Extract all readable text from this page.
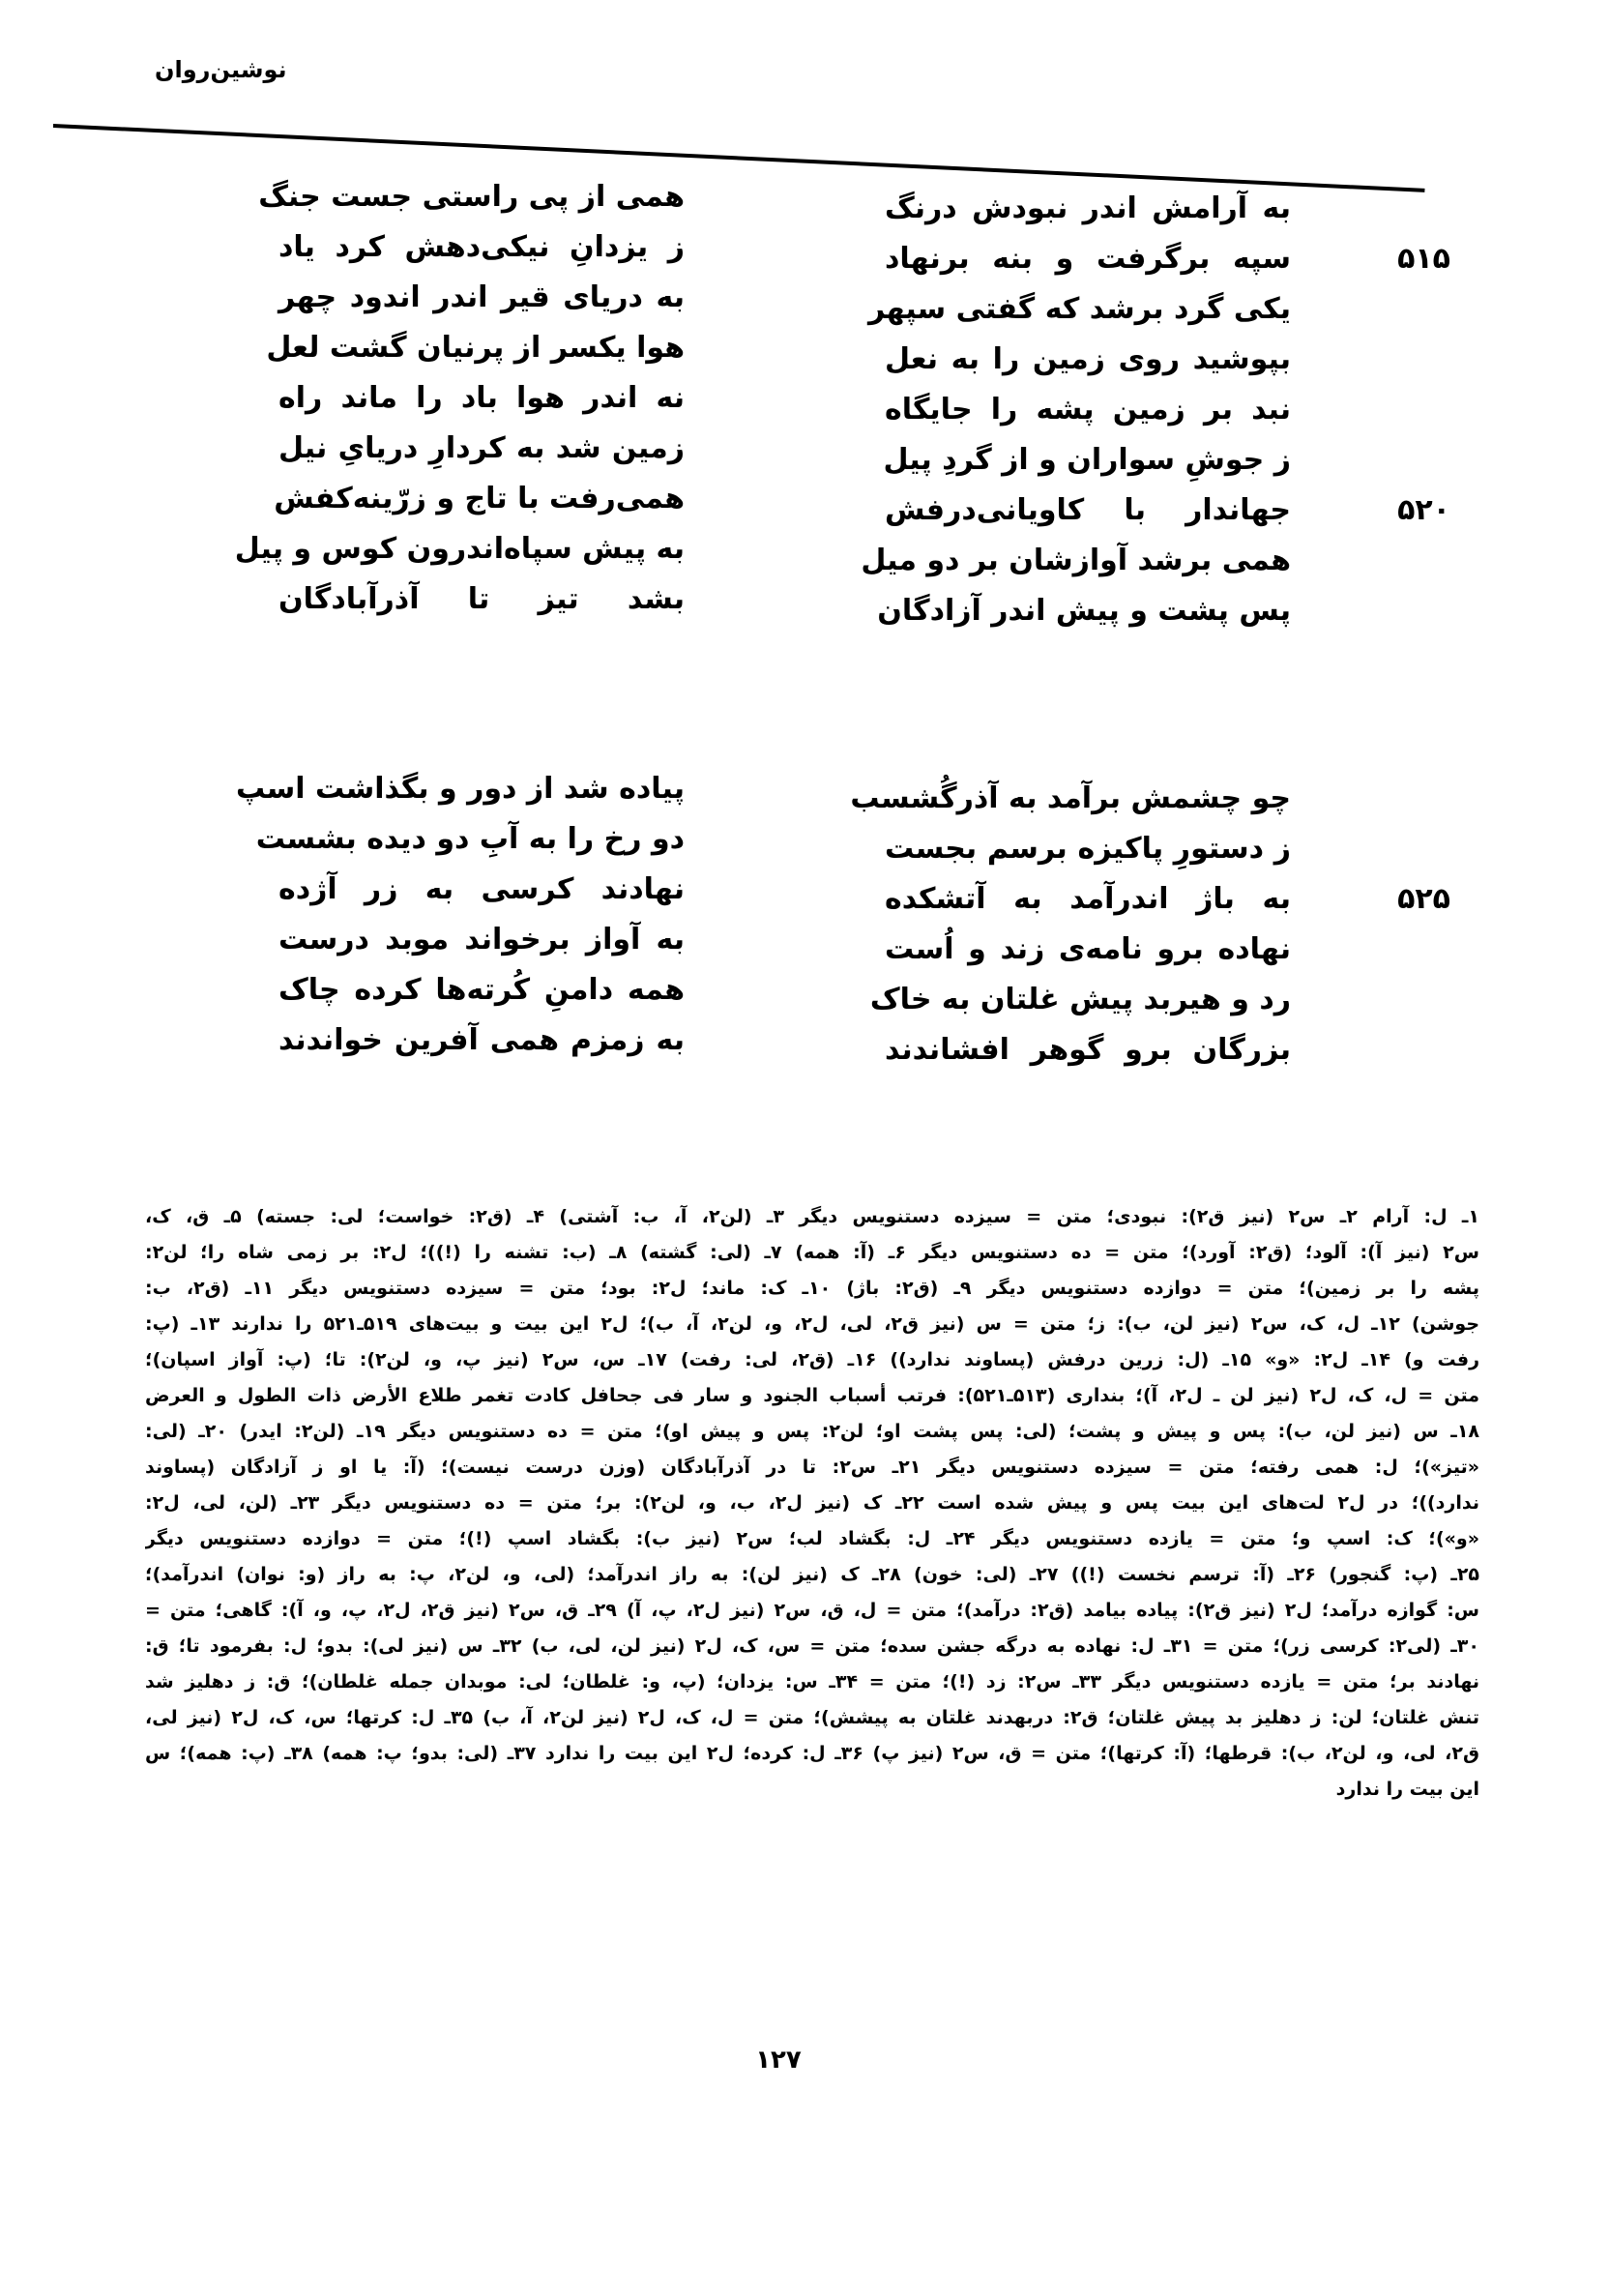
نوشین‌روان
به آرامش اندر نبودش درنگ
سپه برگرفت و بنه برنهاد
یکی گرد برشد که گفتی سپهر
بپوشید روی زمین را به نعل
نبد بر زمین پشه را جایگاه
ز جوشِ سواران و از گردِ پیل
جهاندار با کاویانی‌درفش
همی برشد آوازشان بر دو میل
پس پشت و پیش اندر آزادگان
همی از پی راستی جست جنگ
ز یزدانِ نیکی‌دهش کرد یاد
به دریای قیر اندر اندود چهر
هوا یکسر از پرنیان گشت لعل
نه اندر هوا باد را ماند راه
زمین شد به کردارِ دریایِ نیل
همی‌رفت با تاج و زرّینه‌کفش
به پیش سپاه‌اندرون کوس و پیل
بشد تیز تا آذرآبادگان
۵۱۵
۵۲۰
چو چشمش برآمد به آذرگُشسب
ز دستورِ پاکیزه برسم بجست
به باژ اندرآمد به آتشکده
نهاده برو نامه‌ی زند و اُست
رد و هیربد پیش غلتان به خاک
بزرگان برو گوهر افشاندند
پیاده شد از دور و بگذاشت اسپ
دو رخ را به آبِ دو دیده بشست
نهادند کرسی به زر آژده
به آواز برخواند موبد درست
همه دامنِ کُرته‌ها کرده چاک
به زمزم همی آفرین خواندند
۵۲۵
۱ـ ل: آرام ۲ـ س۲ (نیز ق۲): نبودی؛ متن = سیزده دستنویس دیگر ۳ـ (لن۲، آ، ب: آشتی) ۴ـ (ق۲: خواست؛ لی: جسته) ۵ـ ق، ک،
س۲ (نیز آ): آلود؛ (ق۲: آورد)؛ متن = ده دستنویس دیگر ۶ـ (آ: همه) ۷ـ (لی: گشته) ۸ـ (ب: تشنه را (!))؛ ل۲: بر زمی شاه را؛ لن۲:
پشه را بر زمین)؛ متن = دوازده دستنویس دیگر ۹ـ (ق۲: باژ) ۱۰ـ ک: ماند؛ ل۲: بود؛ متن = سیزده دستنویس دیگر ۱۱ـ (ق۲، ب:
جوشن) ۱۲ـ ل، ک، س۲ (نیز لن، ب): ز؛ متن = س (نیز ق۲، لی، ل۲، و، لن۲، آ، ب)؛ ل۲ این بیت و بیت‌های ۵۱۹ـ۵۲۱ را ندارند ۱۳ـ (پ:
رفت و) ۱۴ـ ل۲: «و» ۱۵ـ (ل: زرین درفش (پساوند ندارد)) ۱۶ـ (ق۲، لی: رفت) ۱۷ـ س، س۲ (نیز پ، و، لن۲): تا؛ (پ: آواز اسپان)؛
متن = ل، ک، ل۲ (نیز لن ـ ل۲، آ)؛ بنداری (۵۱۳ـ۵۲۱): فرتب أسباب الجنود و سار فی جحافل کادت تغمر طلاع الأرض ذات الطول و العرض
۱۸ـ س (نیز لن، ب): پس و پیش و پشت؛ (لی: پس پشت او؛ لن۲: پس و پیش او)؛ متن = ده دستنویس دیگر ۱۹ـ (لن۲: ایدر) ۲۰ـ (لی:
«تیز»)؛ ل: همی رفته؛ متن = سیزده دستنویس دیگر ۲۱ـ س۲: تا در آذرآبادگان (وزن درست نیست)؛ (آ: یا او ز آزادگان (پساوند
ندارد))؛ در ل۲ لت‌های این بیت پس و پیش شده است ۲۲ـ ک (نیز ل۲، ب، و، لن۲): بر؛ متن = ده دستنویس دیگر ۲۳ـ (لن، لی، ل۲:
«و»)؛ ک: اسپ و؛ متن = یازده دستنویس دیگر ۲۴ـ ل: بگشاد لب؛ س۲ (نیز ب): بگشاد اسپ (!)؛ متن = دوازده دستنویس دیگر
۲۵ـ (پ: گنجور) ۲۶ـ (آ: ترسم نخست (!)) ۲۷ـ (لی: خون) ۲۸ـ ک (نیز لن): به راز اندرآمد؛ (لی، و، لن۲، پ: به راز (و: نوان) اندرآمد)؛
س: گوازه درآمد؛ ل۲ (نیز ق۲): پیاده بیامد (ق۲: درآمد)؛ متن = ل، ق، س۲ (نیز ل۲، پ، آ) ۲۹ـ ق، س۲ (نیز ق۲، ل۲، پ، و، آ): گاهی؛ متن =
۳۰ـ (لی۲: کرسی زر)؛ متن = ۳۱ـ ل: نهاده به درگه جشن سده؛ متن = س، ک، ل۲ (نیز لن، لی، ب) ۳۲ـ س (نیز لی): بدو؛ ل: بفرمود تا؛ ق:
نهادند بر؛ متن = یازده دستنویس دیگر ۳۳ـ س۲: زد (!)؛ متن = ۳۴ـ س: یزدان؛ (پ، و: غلطان؛ لی: موبدان جمله غلطان)؛ ق: ز دهلیز شد
تنش غلتان؛ لن: ز دهلیز بد پیش غلتان؛ ق۲: دربهدند غلتان به پیشش)؛ متن = ل، ک، ل۲ (نیز لن۲، آ، ب) ۳۵ـ ل: کرتها؛ س، ک، ل۲ (نیز لی،
ق۲، لی، و، لن۲، ب): قرطها؛ (آ: کرتها)؛ متن = ق، س۲ (نیز پ) ۳۶ـ ل: کرده؛ ل۲ این بیت را ندارد ۳۷ـ (لی: بدو؛ پ: همه) ۳۸ـ (پ: همه)؛ س
این بیت را ندارد
۱۲۷
